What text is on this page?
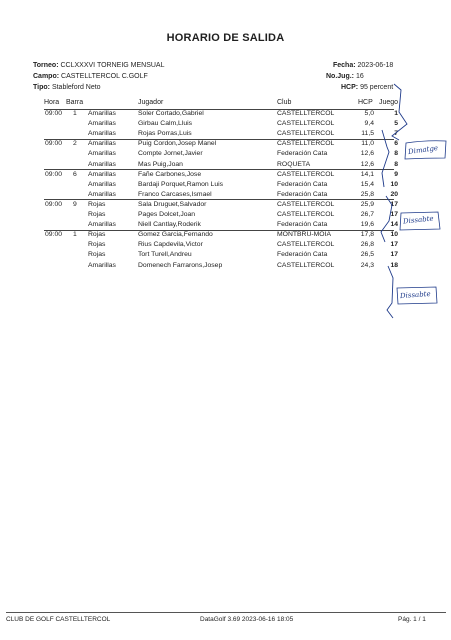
HORARIO DE SALIDA
Torneo: CCLXXXVI TORNEIG MENSUAL	Fecha: 2023-06-18
Campo: CASTELLTERCOL C.GOLF	No.Jug.: 16
Tipo: Stableford Neto	HCP: 95 percent
Hora Barra	Jugador	Club	HCP Juego
09:00 1 Amarillas	Soler Cortado,Gabriel	CASTELLTERCOL	5,0	1
Amarillas	Girbau Calm,Lluis	CASTELLTERCOL	9,4	5
Amarillas	Rojas Porras,Luis	CASTELLTERCOL	11,5	7
09:00 2 Amarillas	Puig Cordon,Josep Manel	CASTELLTERCOL	11,0	6
Amarillas	Compte Jornet,Javier	Federación Cata	12,6	8
Amarillas	Mas Puig,Joan	ROQUETA	12,6	8
09:00 6 Amarillas	Fañe Carbones,Jose	CASTELLTERCOL	14,1	9
Amarillas	Bardaji Porquet,Ramon Luis	Federación Cata	15,4	10
Amarillas	Franco Carcases,Ismael	Federación Cata	25,8	20
09:00 9 Rojas	Sala Druguet,Salvador	CASTELLTERCOL	25,9	17
Rojas	Pages Dolcet,Joan	CASTELLTERCOL	26,7	17
Amarillas	Niell Cantlay,Roderik	Federación Cata	19,6	14
09:00 1 Rojas	Gomez Garcia,Fernando	MONTBRU-MOIA	17,8	10
Rojas	Rius Capdevila,Victor	CASTELLTERCOL	26,8	17
Rojas	Tort Turell,Andreu	Federación Cata	26,5	17
Amarillas	Domenech Farrarons,Josep	CASTELLTERCOL	24,3	18
Dimatge
Dissabte
Dissabte
CLUB DE GOLF CASTELLTERCOL	DataGolf 3.69 2023-06-16 18:05	Pág. 1 / 1
